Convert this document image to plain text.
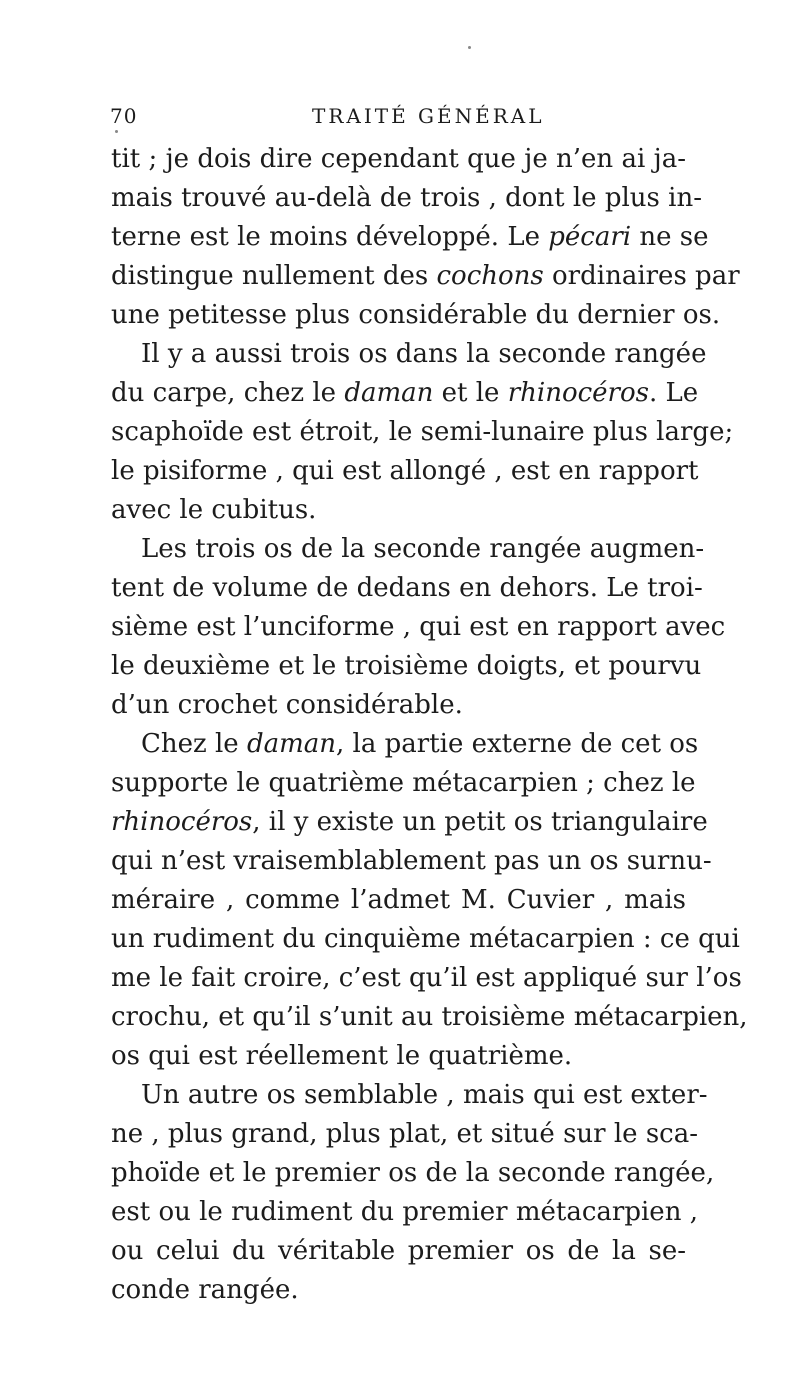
70	TRAITÉ GÉNÉRAL
tit ; je dois dire cependant que je n’en ai ja-
mais trouvé au-delà de trois , dont le plus in-
terne est le moins développé. Le pécari ne se
distingue nullement des cochons ordinaires par
une petitesse plus considérable du dernier os.
Il y a aussi trois os dans la seconde rangée
du carpe, chez le daman et le rhinocéros. Le
scaphoïde est étroit, le semi-lunaire plus large;
le pisiforme , qui est allongé , est en rapport
avec le cubitus.
Les trois os de la seconde rangée augmen-
tent de volume de dedans en dehors. Le troi-
sième est l’unciforme , qui est en rapport avec
le deuxième et le troisième doigts, et pourvu
d’un crochet considérable.
Chez le daman, la partie externe de cet os
supporte le quatrième métacarpien ; chez le
rhinocéros, il y existe un petit os triangulaire
qui n’est vraisemblablement pas un os surnu-
méraire , comme l’admet M. Cuvier , mais
un rudiment du cinquième métacarpien : ce qui
me le fait croire, c’est qu’il est appliqué sur l’os
crochu, et qu’il s’unit au troisième métacarpien,
os qui est réellement le quatrième.
Un autre os semblable , mais qui est exter-
ne , plus grand, plus plat, et situé sur le sca-
phoïde et le premier os de la seconde rangée,
est ou le rudiment du premier métacarpien ,
ou celui du véritable premier os de la se-
conde rangée.
